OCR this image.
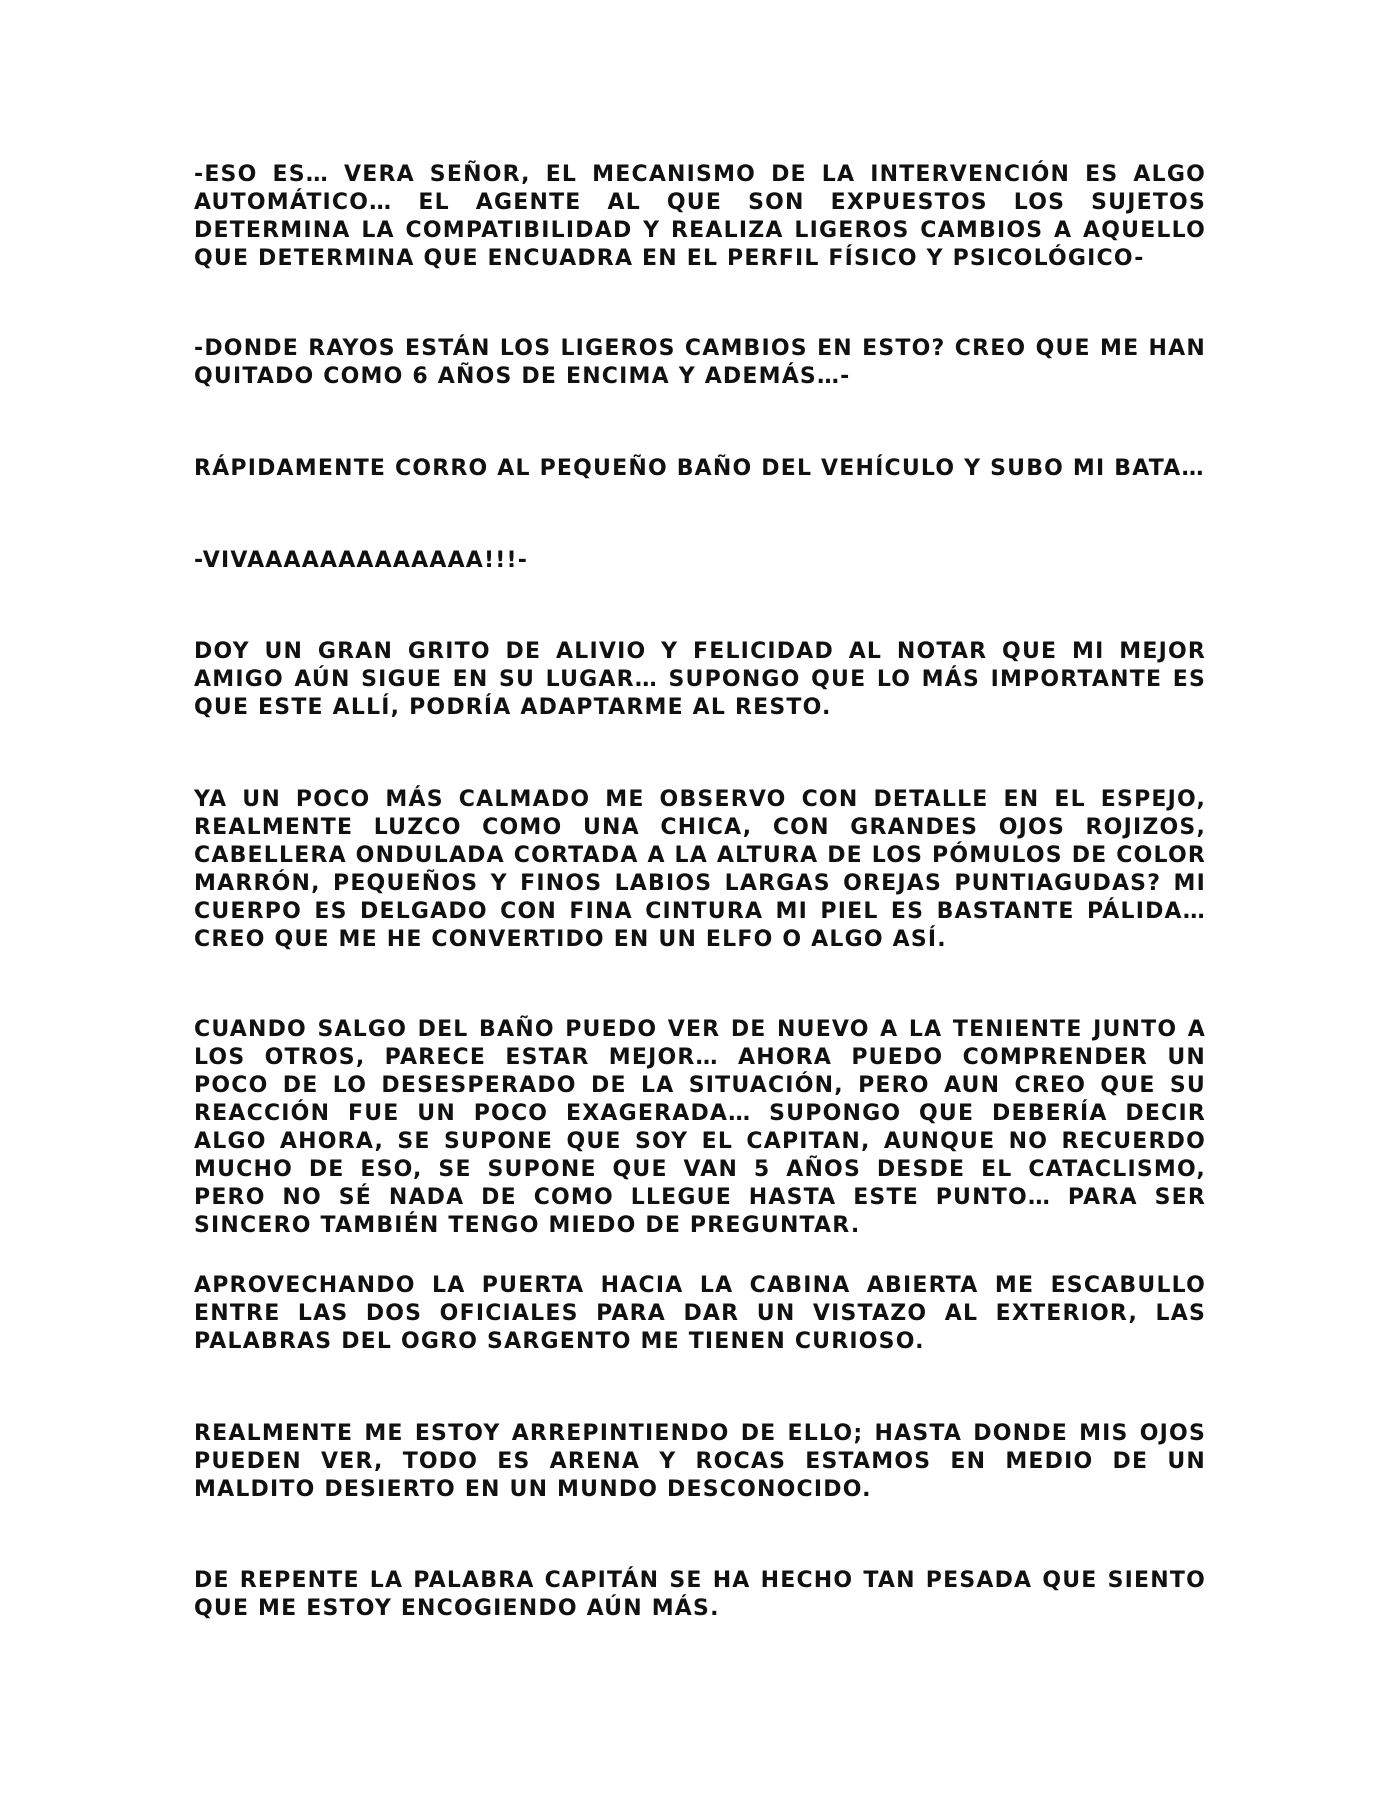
-ESO ES… VERA SEÑOR, EL MECANISMO DE LA INTERVENCIÓN ES ALGO AUTOMÁTICO… EL AGENTE AL QUE SON EXPUESTOS LOS SUJETOS DETERMINA LA COMPATIBILIDAD Y REALIZA LIGEROS CAMBIOS A AQUELLO QUE DETERMINA QUE ENCUADRA EN EL PERFIL FÍSICO Y PSICOLÓGICO-

-DONDE RAYOS ESTÁN LOS LIGEROS CAMBIOS EN ESTO? CREO QUE ME HAN QUITADO COMO 6 AÑOS DE ENCIMA Y ADEMÁS…-

RÁPIDAMENTE CORRO AL PEQUEÑO BAÑO DEL VEHÍCULO Y SUBO MI BATA…

-VIVAAAAAAAAAAAAA!!!-

DOY UN GRAN GRITO DE ALIVIO Y FELICIDAD AL NOTAR QUE MI MEJOR AMIGO AÚN SIGUE EN SU LUGAR… SUPONGO QUE LO MÁS IMPORTANTE ES QUE ESTE ALLÍ, PODRÍA ADAPTARME AL RESTO.

YA UN POCO MÁS CALMADO ME OBSERVO CON DETALLE EN EL ESPEJO, REALMENTE LUZCO COMO UNA CHICA, CON GRANDES OJOS ROJIZOS, CABELLERA ONDULADA CORTADA A LA ALTURA DE LOS PÓMULOS DE COLOR MARRÓN, PEQUEÑOS Y FINOS LABIOS LARGAS OREJAS PUNTIAGUDAS? MI CUERPO ES DELGADO CON FINA CINTURA MI PIEL ES BASTANTE PÁLIDA… CREO QUE ME HE CONVERTIDO EN UN ELFO O ALGO ASÍ.

CUANDO SALGO DEL BAÑO PUEDO VER DE NUEVO A LA TENIENTE JUNTO A LOS OTROS, PARECE ESTAR MEJOR… AHORA PUEDO COMPRENDER UN POCO DE LO DESESPERADO DE LA SITUACIÓN, PERO AUN CREO QUE SU REACCIÓN FUE UN POCO EXAGERADA… SUPONGO QUE DEBERÍA DECIR ALGO AHORA, SE SUPONE QUE SOY EL CAPITAN, AUNQUE NO RECUERDO MUCHO DE ESO, SE SUPONE QUE VAN 5 AÑOS DESDE EL CATACLISMO, PERO NO SÉ NADA DE COMO LLEGUE HASTA ESTE PUNTO… PARA SER SINCERO TAMBIÉN TENGO MIEDO DE PREGUNTAR.

APROVECHANDO LA PUERTA HACIA LA CABINA ABIERTA ME ESCABULLO ENTRE LAS DOS OFICIALES PARA DAR UN VISTAZO AL EXTERIOR, LAS PALABRAS DEL OGRO SARGENTO ME TIENEN CURIOSO.

REALMENTE ME ESTOY ARREPINTIENDO DE ELLO; HASTA DONDE MIS OJOS PUEDEN VER, TODO ES ARENA Y ROCAS ESTAMOS EN MEDIO DE UN MALDITO DESIERTO EN UN MUNDO DESCONOCIDO.

DE REPENTE LA PALABRA CAPITÁN SE HA HECHO TAN PESADA QUE SIENTO QUE ME ESTOY ENCOGIENDO AÚN MÁS.
